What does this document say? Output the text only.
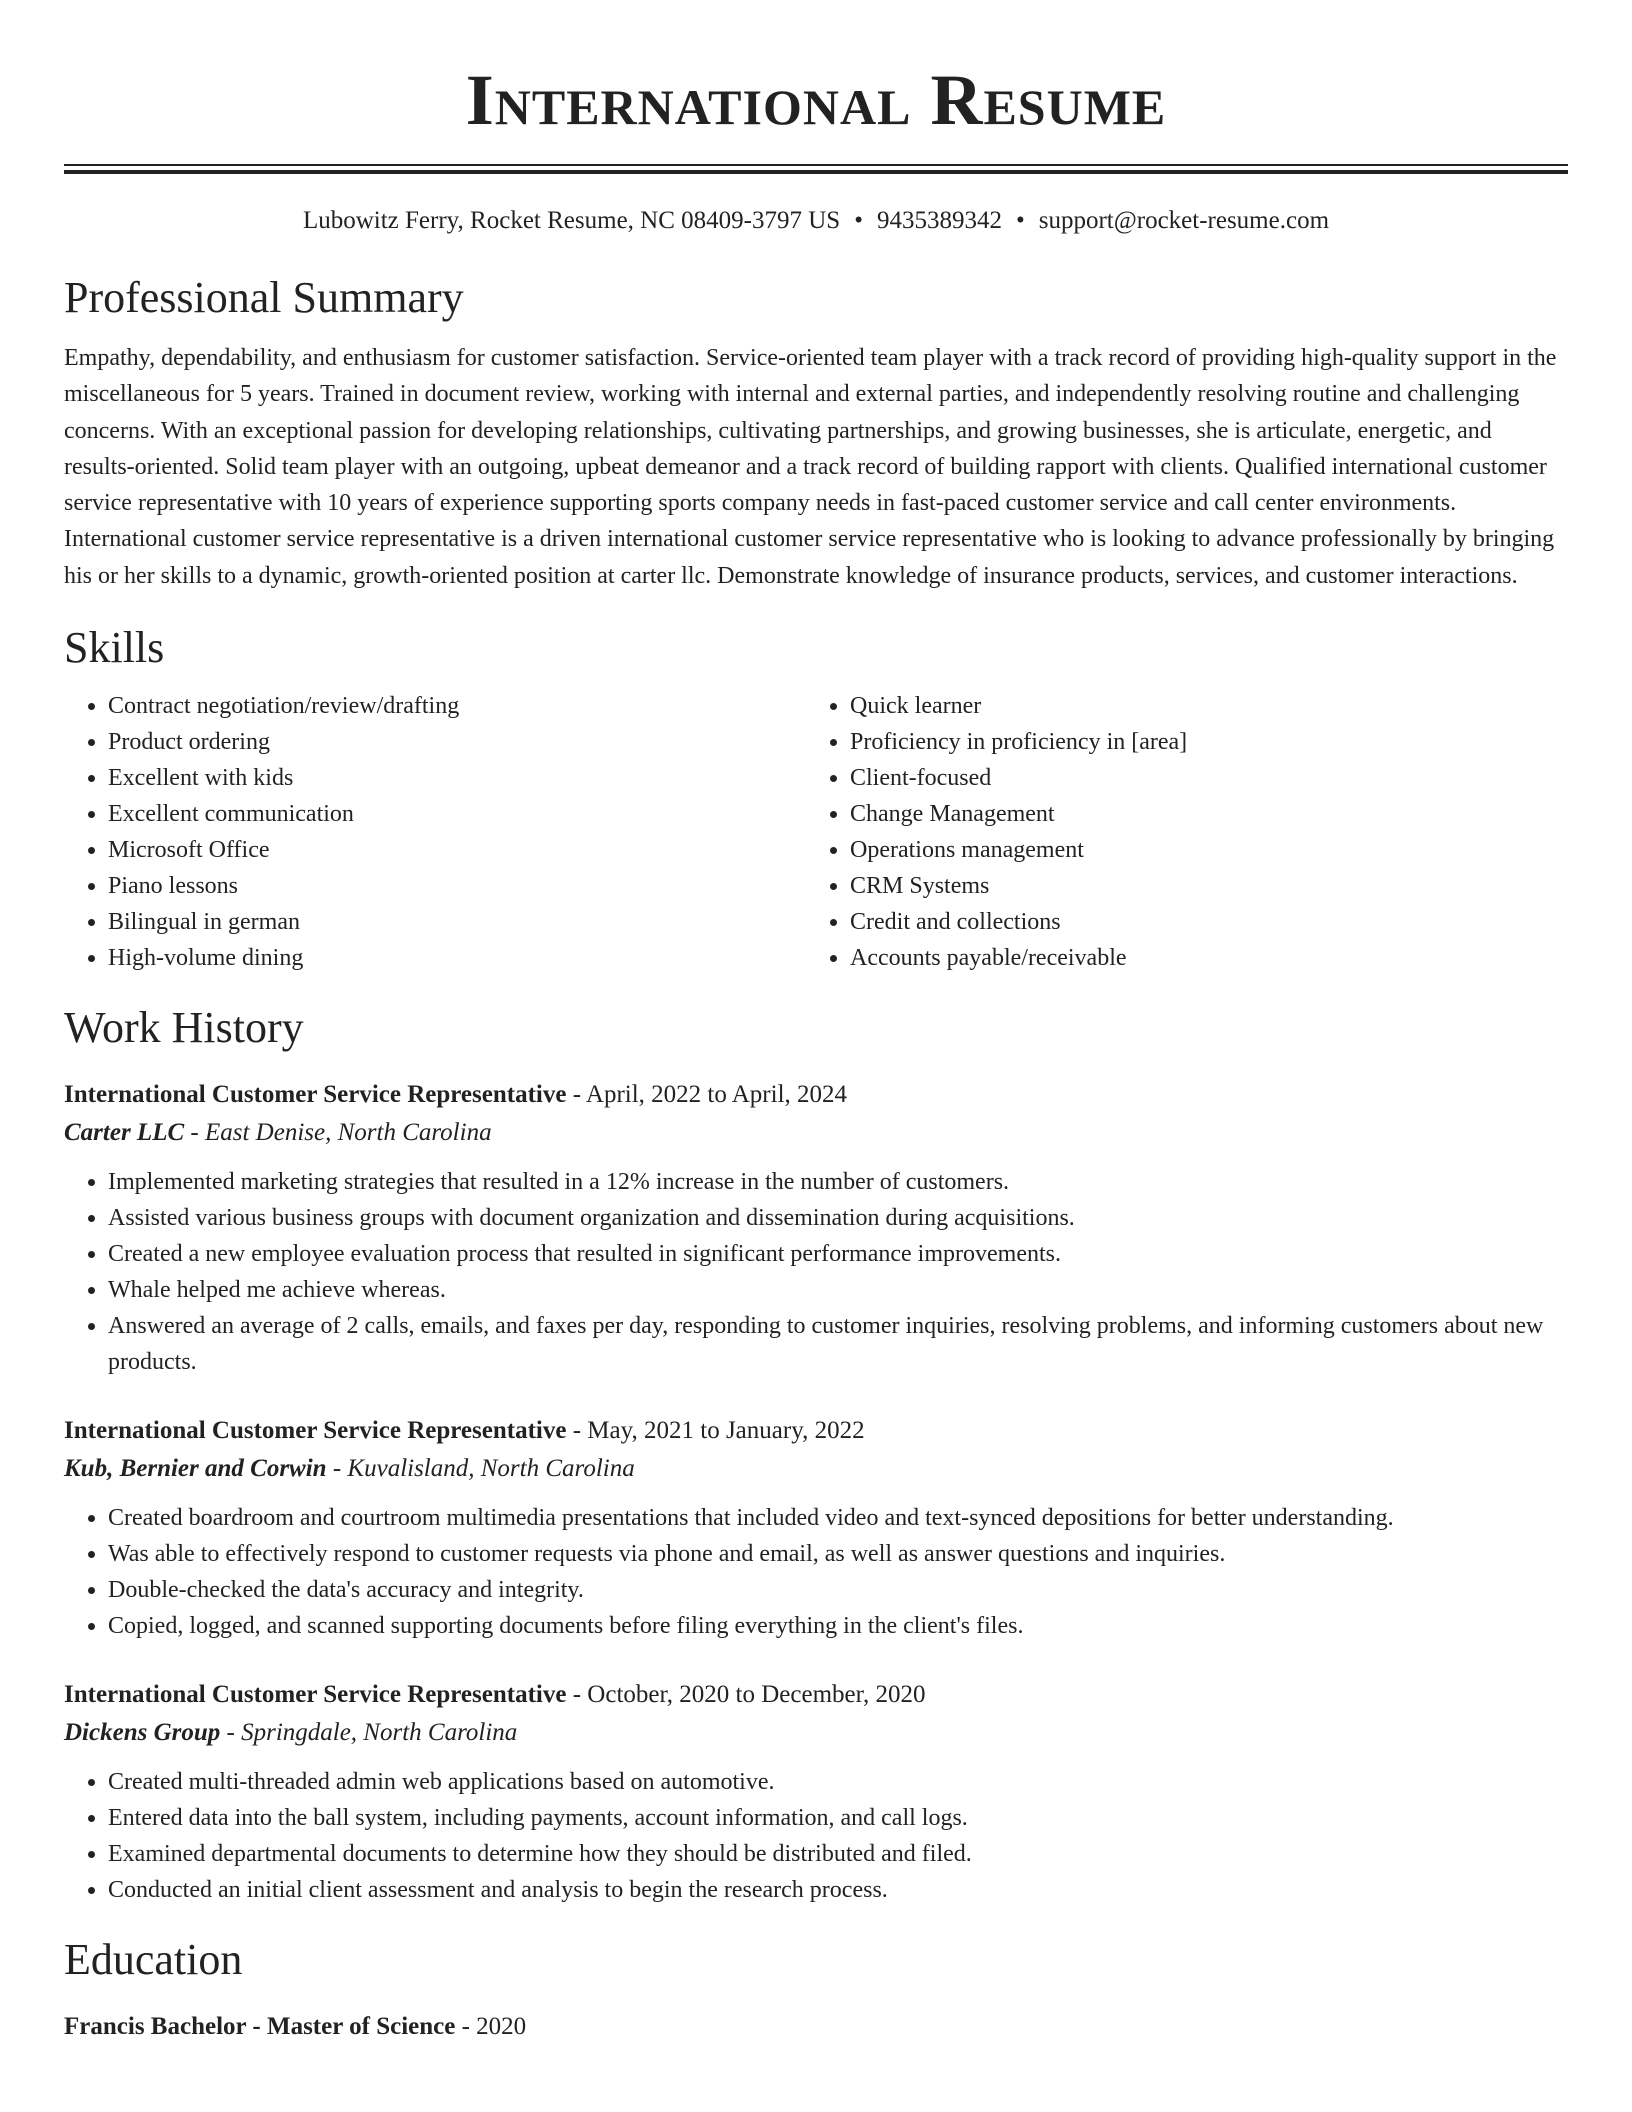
International Resume
Lubowitz Ferry, Rocket Resume, NC 08409-3797 US • 9435389342 • support@rocket-resume.com
Professional Summary
Empathy, dependability, and enthusiasm for customer satisfaction. Service-oriented team player with a track record of providing high-quality support in the miscellaneous for 5 years. Trained in document review, working with internal and external parties, and independently resolving routine and challenging concerns. With an exceptional passion for developing relationships, cultivating partnerships, and growing businesses, she is articulate, energetic, and results-oriented. Solid team player with an outgoing, upbeat demeanor and a track record of building rapport with clients. Qualified international customer service representative with 10 years of experience supporting sports company needs in fast-paced customer service and call center environments. International customer service representative is a driven international customer service representative who is looking to advance professionally by bringing his or her skills to a dynamic, growth-oriented position at carter llc. Demonstrate knowledge of insurance products, services, and customer interactions.
Skills
• Contract negotiation/review/drafting
• Product ordering
• Excellent with kids
• Excellent communication
• Microsoft Office
• Piano lessons
• Bilingual in german
• High-volume dining
• Quick learner
• Proficiency in proficiency in [area]
• Client-focused
• Change Management
• Operations management
• CRM Systems
• Credit and collections
• Accounts payable/receivable
Work History
International Customer Service Representative - April, 2022 to April, 2024
Carter LLC - East Denise, North Carolina
• Implemented marketing strategies that resulted in a 12% increase in the number of customers.
• Assisted various business groups with document organization and dissemination during acquisitions.
• Created a new employee evaluation process that resulted in significant performance improvements.
• Whale helped me achieve whereas.
• Answered an average of 2 calls, emails, and faxes per day, responding to customer inquiries, resolving problems, and informing customers about new products.
International Customer Service Representative - May, 2021 to January, 2022
Kub, Bernier and Corwin - Kuvalisland, North Carolina
• Created boardroom and courtroom multimedia presentations that included video and text-synced depositions for better understanding.
• Was able to effectively respond to customer requests via phone and email, as well as answer questions and inquiries.
• Double-checked the data's accuracy and integrity.
• Copied, logged, and scanned supporting documents before filing everything in the client's files.
International Customer Service Representative - October, 2020 to December, 2020
Dickens Group - Springdale, North Carolina
• Created multi-threaded admin web applications based on automotive.
• Entered data into the ball system, including payments, account information, and call logs.
• Examined departmental documents to determine how they should be distributed and filed.
• Conducted an initial client assessment and analysis to begin the research process.
Education
Francis Bachelor - Master of Science - 2020
